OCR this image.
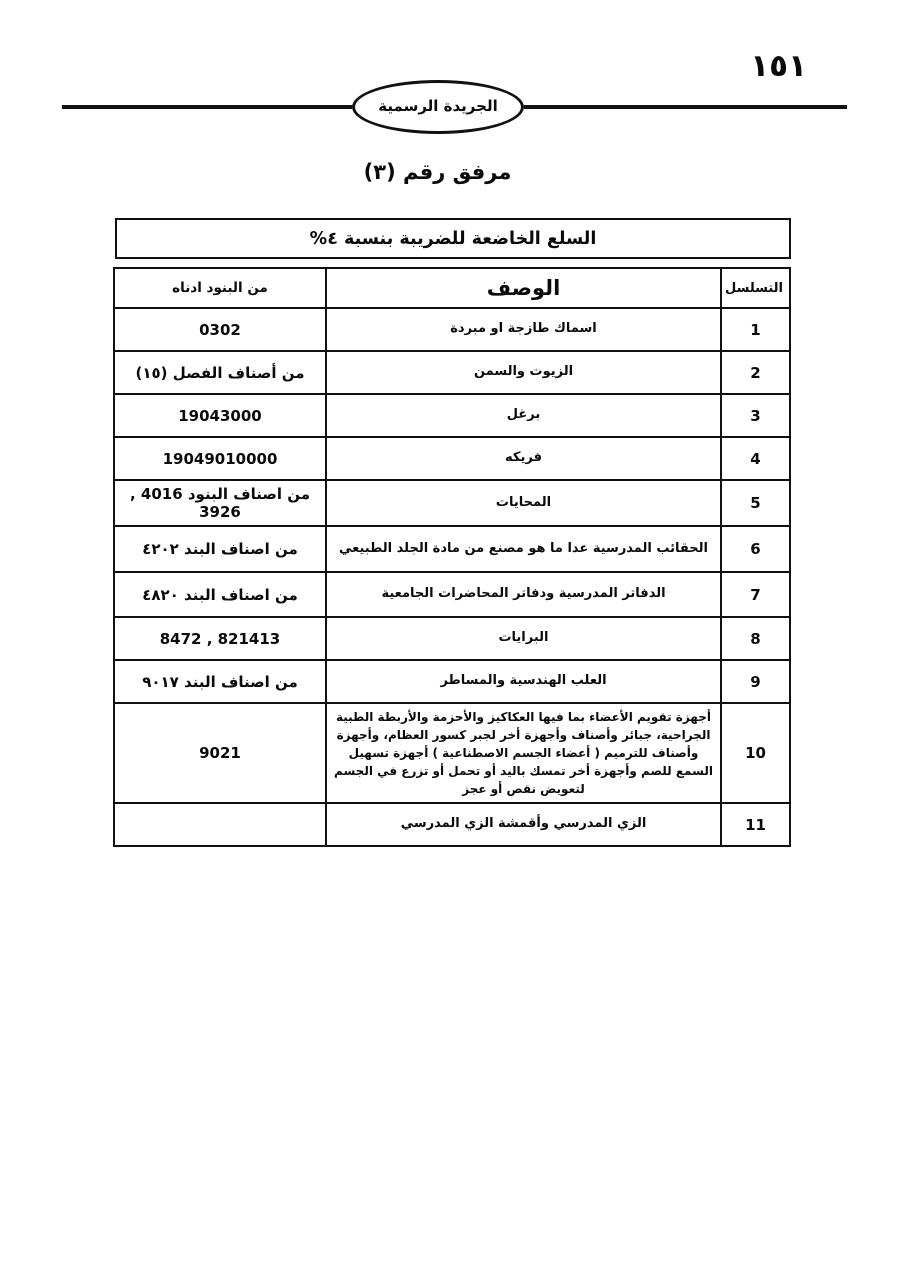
١٥١
الجريدة الرسمية
مرفق رقم (٣)
السلع الخاضعة للضريبة بنسبة ٤%
التسلسل	الوصف	من البنود ادناه
1	اسماك طازجة او مبردة	0302
2	الزيوت والسمن	من أصناف الفصل (١٥)
3	برغل	19043000
4	فريكه	19049010000
5	المحايات	من اصناف البنود 4016 , 3926
6	الحقائب المدرسية عدا ما هو مصنع من مادة الجلد الطبيعي	من اصناف البند ٤٢٠٢
7	الدفاتر المدرسية ودفاتر المحاضرات الجامعية	من اصناف البند ٤٨٢٠
8	البرايات	8472 , 821413
9	العلب الهندسية والمساطر	من اصناف البند ٩٠١٧
10	أجهزة تقويم الأعضاء بما فيها العكاكيز والأحزمة والأربطة الطبية الجراحية، جبائر وأصناف وأجهزة أخر لجبر كسور العظام، وأجهزة وأصناف للترميم ( أعضاء الجسم الاصطناعية ) أجهزة تسهيل السمع للصم وأجهزة أخر تمسك باليد أو تحمل أو تزرع في الجسم لتعويض نقص أو عجز	9021
11	الزي المدرسي وأقمشة الزي المدرسي	
